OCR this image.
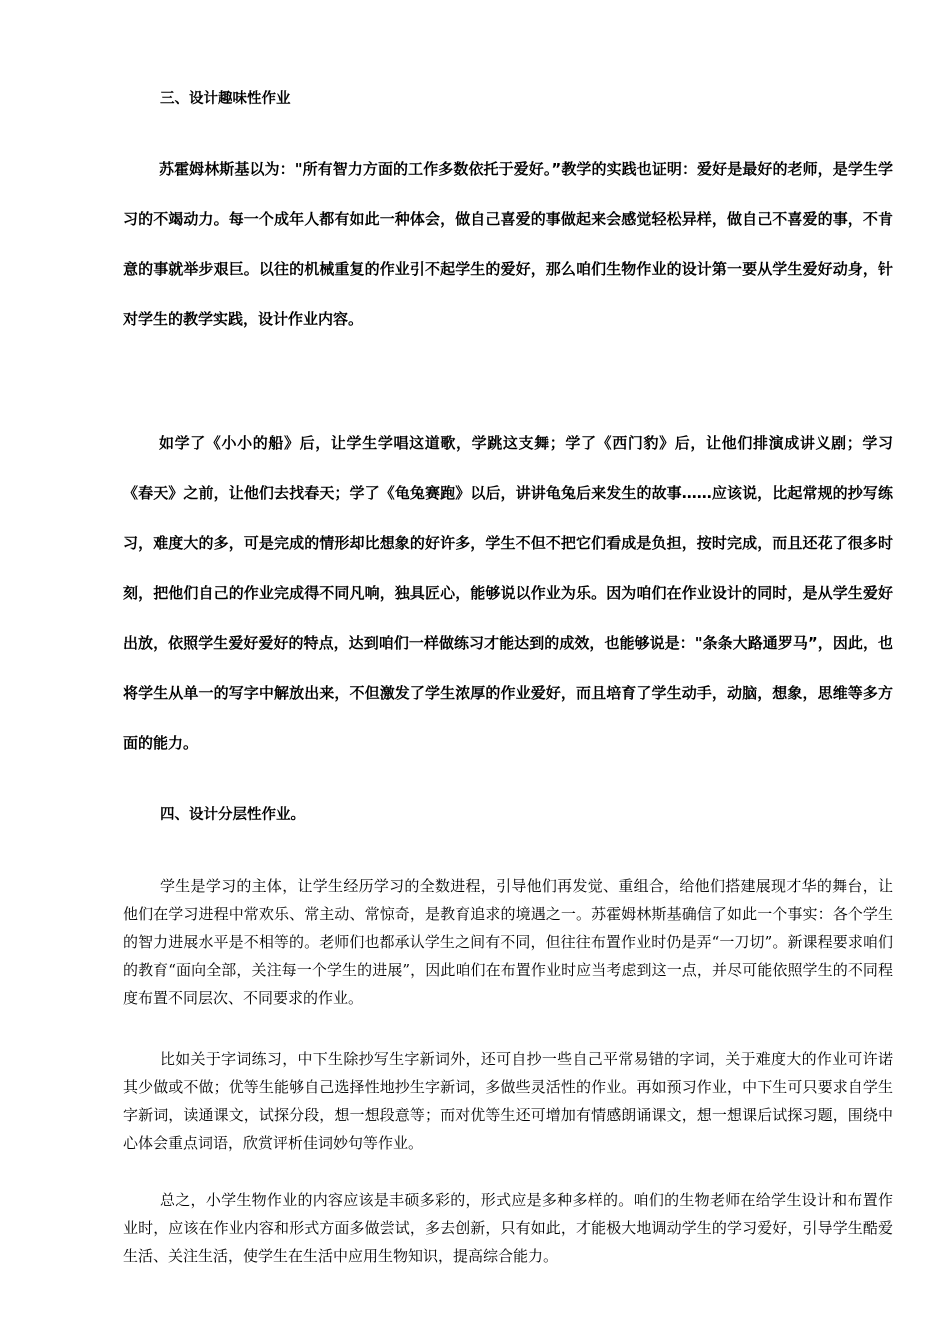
三、设计趣味性作业

苏霍姆林斯基以为："所有智力方面的工作多数依托于爱好。”教学的实践也证明：爱好是最好的老师，是学生学习的不竭动力。每一个成年人都有如此一种体会，做自己喜爱的事做起来会感觉轻松异样，做自己不喜爱的事，不肯意的事就举步艰巨。以往的机械重复的作业引不起学生的爱好，那么咱们生物作业的设计第一要从学生爱好动身，针对学生的教学实践，设计作业内容。

如学了《小小的船》后，让学生学唱这道歌，学跳这支舞；学了《西门豹》后，让他们排演成讲义剧；学习《春天》之前，让他们去找春天；学了《龟兔赛跑》以后，讲讲龟兔后来发生的故事……应该说，比起常规的抄写练习，难度大的多，可是完成的情形却比想象的好许多，学生不但不把它们看成是负担，按时完成，而且还花了很多时刻，把他们自己的作业完成得不同凡响，独具匠心，能够说以作业为乐。因为咱们在作业设计的同时，是从学生爱好出放，依照学生爱好爱好的特点，达到咱们一样做练习才能达到的成效，也能够说是："条条大路通罗马”，因此，也将学生从单一的写字中解放出来，不但激发了学生浓厚的作业爱好，而且培育了学生动手，动脑，想象，思维等多方面的能力。

四、设计分层性作业。

学生是学习的主体，让学生经历学习的全数进程，引导他们再发觉、重组合，给他们搭建展现才华的舞台，让他们在学习进程中常欢乐、常主动、常惊奇，是教育追求的境遇之一。苏霍姆林斯基确信了如此一个事实：各个学生的智力进展水平是不相等的。老师们也都承认学生之间有不同，但往往布置作业时仍是弄“一刀切”。新课程要求咱们的教育“面向全部，关注每一个学生的进展”，因此咱们在布置作业时应当考虑到这一点，并尽可能依照学生的不同程度布置不同层次、不同要求的作业。

比如关于字词练习，中下生除抄写生字新词外，还可自抄一些自己平常易错的字词，关于难度大的作业可许诺其少做或不做；优等生能够自己选择性地抄生字新词，多做些灵活性的作业。再如预习作业，中下生可只要求自学生字新词，读通课文，试探分段，想一想段意等；而对优等生还可增加有情感朗诵课文，想一想课后试探习题，围绕中心体会重点词语，欣赏评析佳词妙句等作业。

总之，小学生物作业的内容应该是丰硕多彩的，形式应是多种多样的。咱们的生物老师在给学生设计和布置作业时，应该在作业内容和形式方面多做尝试，多去创新，只有如此，才能极大地调动学生的学习爱好，引导学生酷爱生活、关注生活，使学生在生活中应用生物知识，提高综合能力。
